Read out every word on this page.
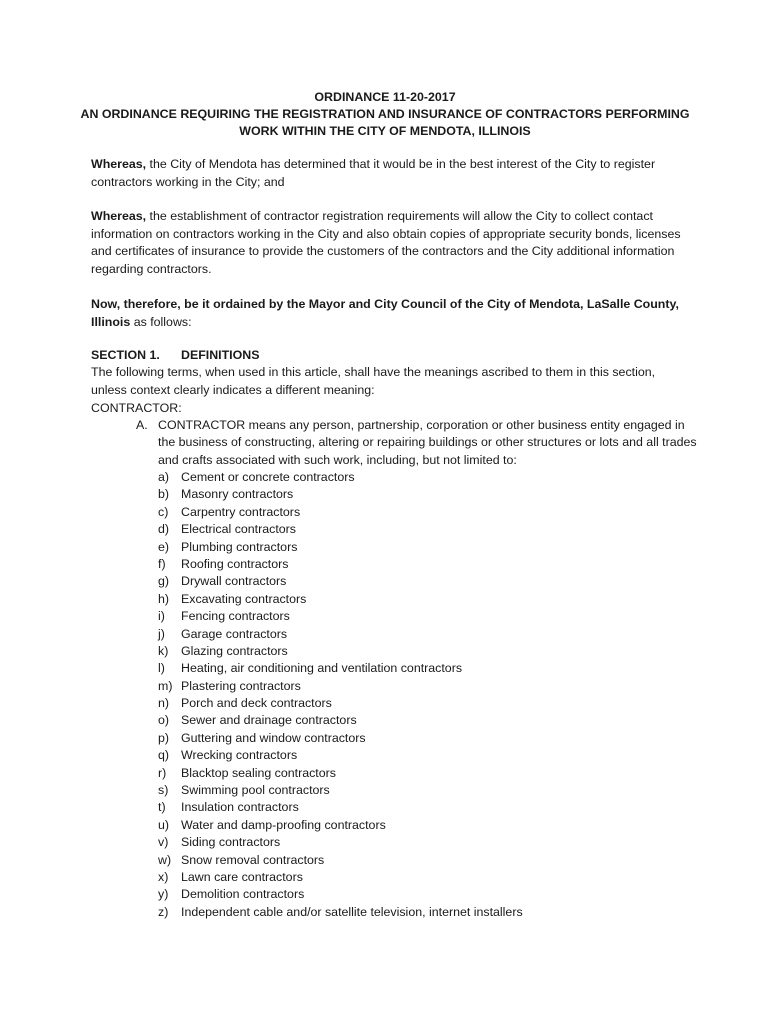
ORDINANCE 11-20-2017
AN ORDINANCE REQUIRING THE REGISTRATION AND INSURANCE OF CONTRACTORS PERFORMING
WORK WITHIN THE CITY OF MENDOTA, ILLINOIS
Whereas, the City of Mendota has determined that it would be in the best interest of the City to register contractors working in the City; and
Whereas, the establishment of contractor registration requirements will allow the City to collect contact information on contractors working in the City and also obtain copies of appropriate security bonds, licenses and certificates of insurance to provide the customers of the contractors and the City additional information regarding contractors.
Now, therefore, be it ordained by the Mayor and City Council of the City of Mendota, LaSalle County, Illinois as follows:
SECTION 1. DEFINITIONS
The following terms, when used in this article, shall have the meanings ascribed to them in this section, unless context clearly indicates a different meaning:
CONTRACTOR:
A. CONTRACTOR means any person, partnership, corporation or other business entity engaged in the business of constructing, altering or repairing buildings or other structures or lots and all trades and crafts associated with such work, including, but not limited to:
a) Cement or concrete contractors
b) Masonry contractors
c) Carpentry contractors
d) Electrical contractors
e) Plumbing contractors
f) Roofing contractors
g) Drywall contractors
h) Excavating contractors
i) Fencing contractors
j) Garage contractors
k) Glazing contractors
l) Heating, air conditioning and ventilation contractors
m) Plastering contractors
n) Porch and deck contractors
o) Sewer and drainage contractors
p) Guttering and window contractors
q) Wrecking contractors
r) Blacktop sealing contractors
s) Swimming pool contractors
t) Insulation contractors
u) Water and damp-proofing contractors
v) Siding contractors
w) Snow removal contractors
x) Lawn care contractors
y) Demolition contractors
z) Independent cable and/or satellite television, internet installers
